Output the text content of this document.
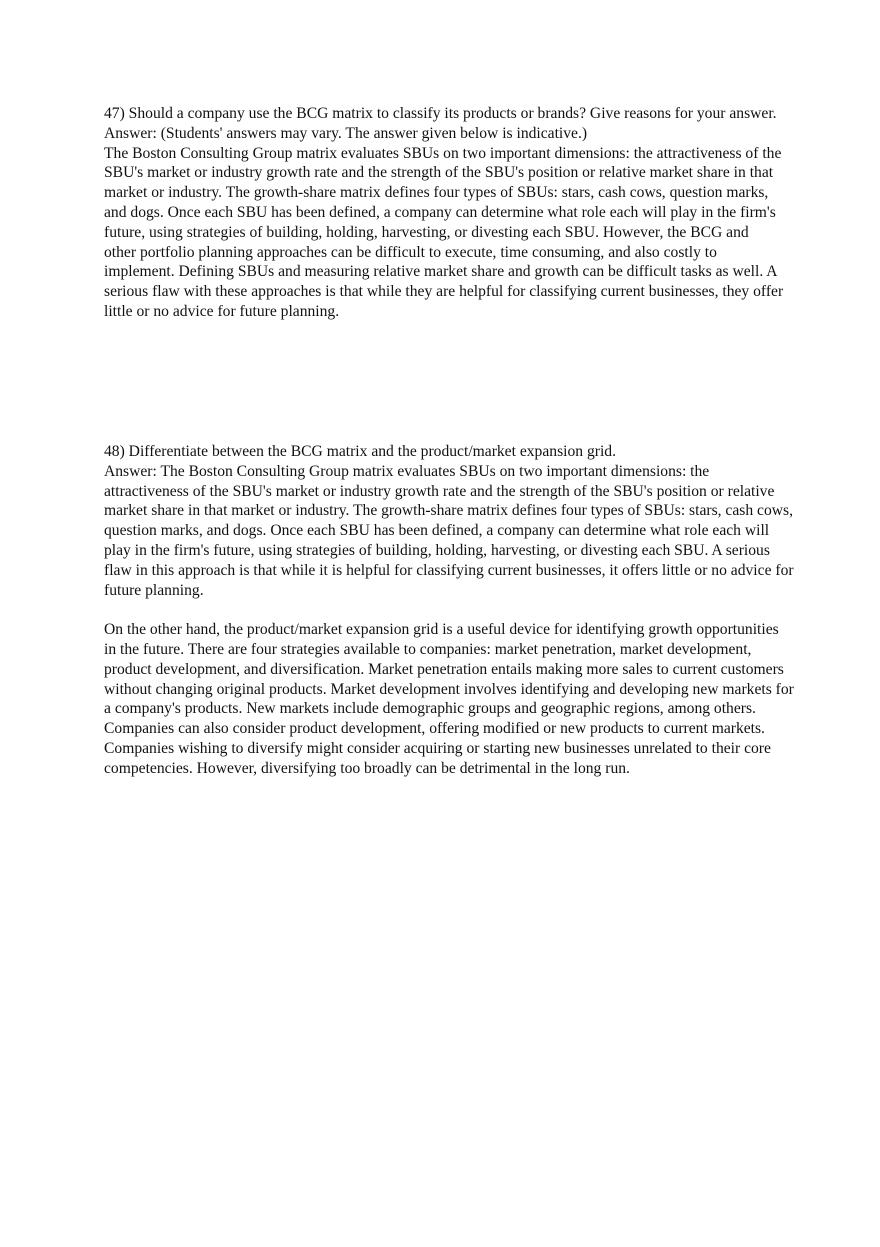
47) Should a company use the BCG matrix to classify its products or brands? Give reasons for your answer.

Answer: (Students' answers may vary. The answer given below is indicative.)

The Boston Consulting Group matrix evaluates SBUs on two important dimensions: the attractiveness of the SBU's market or industry growth rate and the strength of the SBU's position or relative market share in that market or industry. The growth-share matrix defines four types of SBUs: stars, cash cows, question marks, and dogs. Once each SBU has been defined, a company can determine what role each will play in the firm's future, using strategies of building, holding, harvesting, or divesting each SBU. However, the BCG and other portfolio planning approaches can be difficult to execute, time consuming, and also costly to implement. Defining SBUs and measuring relative market share and growth can be difficult tasks as well. A serious flaw with these approaches is that while they are helpful for classifying current businesses, they offer little or no advice for future planning.

48) Differentiate between the BCG matrix and the product/market expansion grid.

Answer: The Boston Consulting Group matrix evaluates SBUs on two important dimensions: the attractiveness of the SBU's market or industry growth rate and the strength of the SBU's position or relative market share in that market or industry. The growth-share matrix defines four types of SBUs: stars, cash cows, question marks, and dogs. Once each SBU has been defined, a company can determine what role each will play in the firm's future, using strategies of building, holding, harvesting, or divesting each SBU. A serious flaw in this approach is that while it is helpful for classifying current businesses, it offers little or no advice for future planning.

On the other hand, the product/market expansion grid is a useful device for identifying growth opportunities in the future. There are four strategies available to companies: market penetration, market development, product development, and diversification. Market penetration entails making more sales to current customers without changing original products. Market development involves identifying and developing new markets for a company's products. New markets include demographic groups and geographic regions, among others. Companies can also consider product development, offering modified or new products to current markets. Companies wishing to diversify might consider acquiring or starting new businesses unrelated to their core competencies. However, diversifying too broadly can be detrimental in the long run.
